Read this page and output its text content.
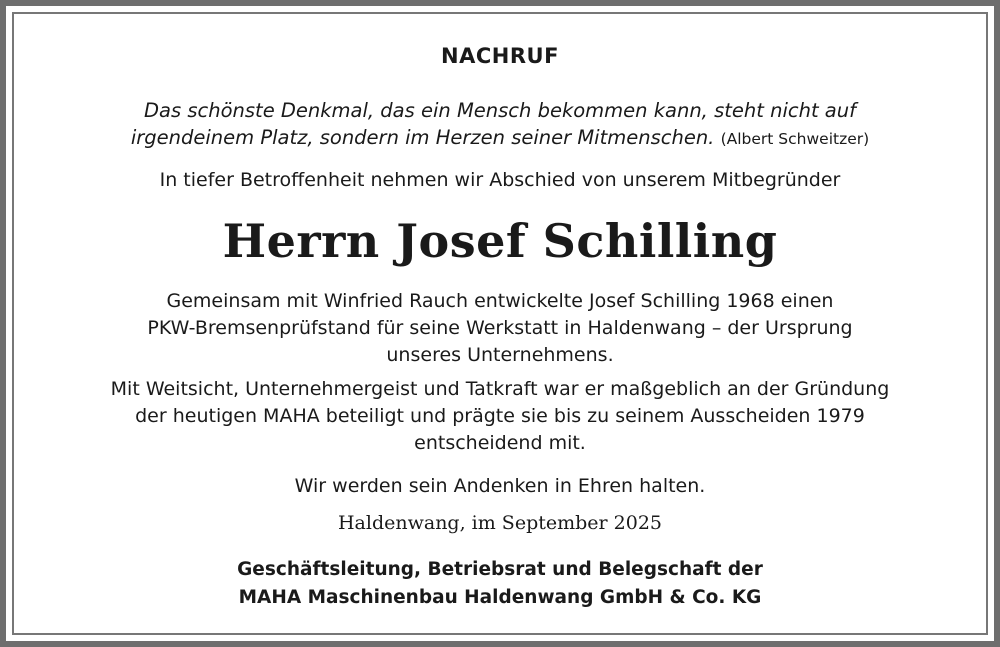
NACHRUF
Das schönste Denkmal, das ein Mensch bekommen kann, steht nicht auf
irgendeinem Platz, sondern im Herzen seiner Mitmenschen. (Albert Schweitzer)
In tiefer Betroffenheit nehmen wir Abschied von unserem Mitbegründer
Herrn Josef Schilling
Gemeinsam mit Winfried Rauch entwickelte Josef Schilling 1968 einen
PKW-Bremsenprüfstand für seine Werkstatt in Haldenwang – der Ursprung
unseres Unternehmens.
Mit Weitsicht, Unternehmergeist und Tatkraft war er maßgeblich an der Gründung
der heutigen MAHA beteiligt und prägte sie bis zu seinem Ausscheiden 1979
entscheidend mit.
Wir werden sein Andenken in Ehren halten.
Haldenwang, im September 2025
Geschäftsleitung, Betriebsrat und Belegschaft der
MAHA Maschinenbau Haldenwang GmbH & Co. KG
